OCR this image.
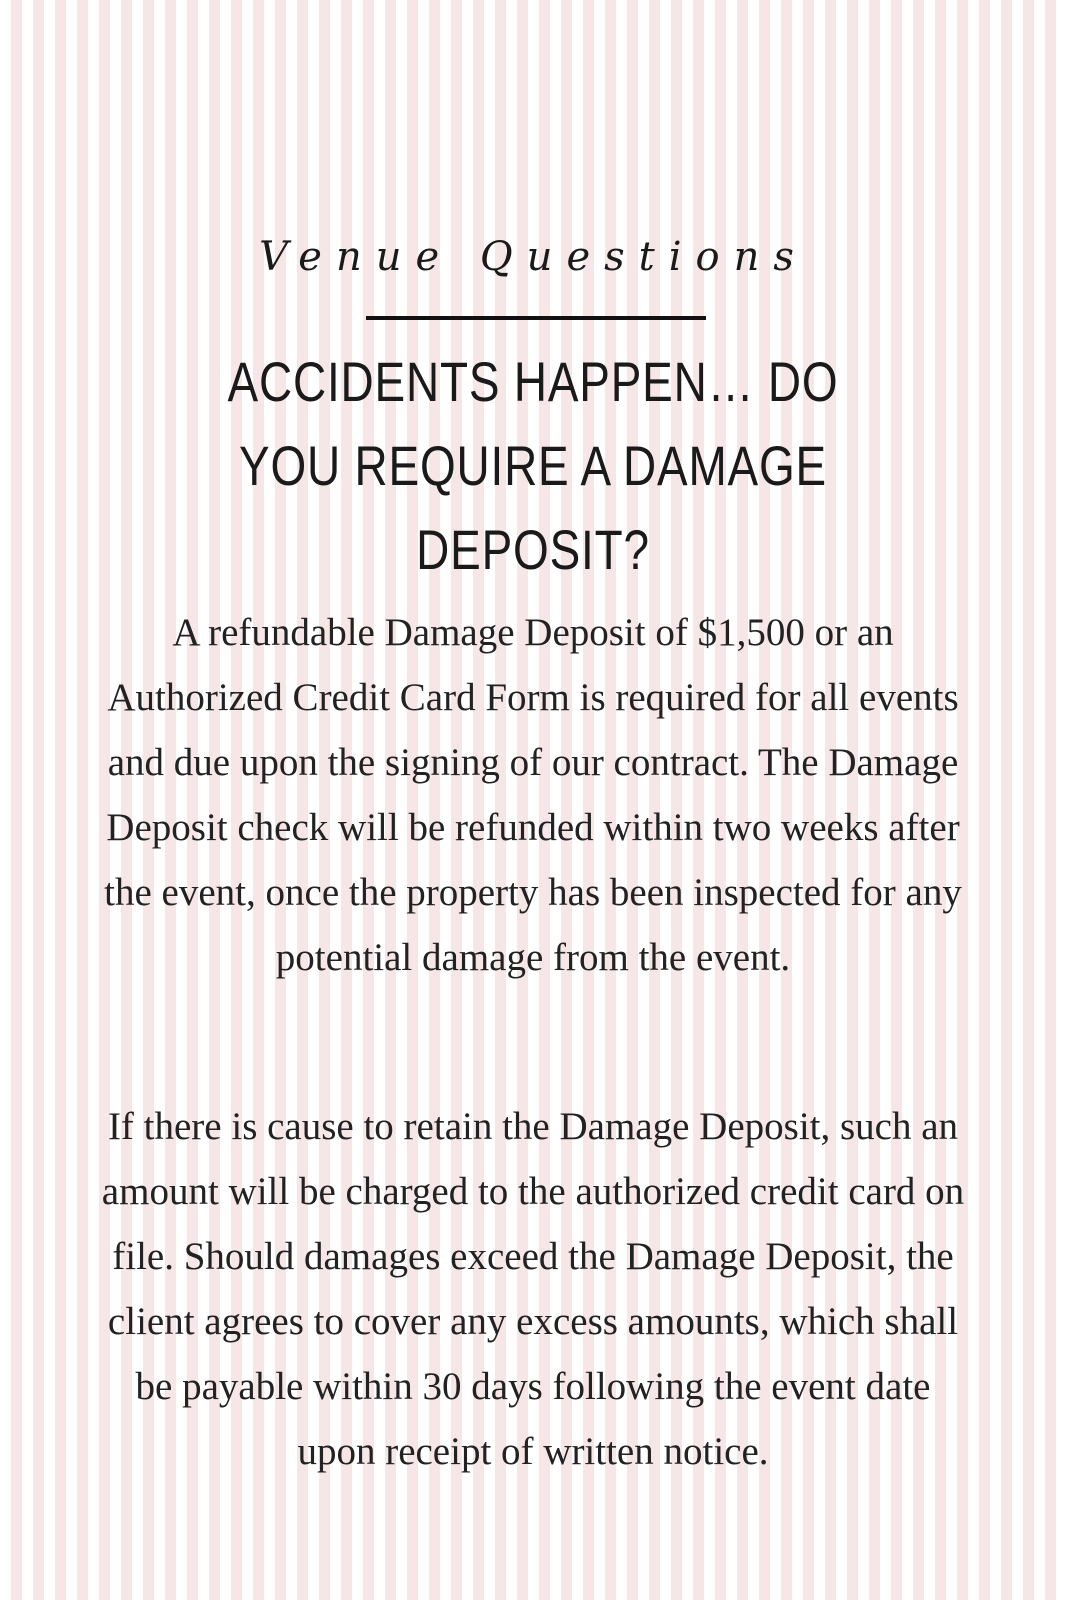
Venue Questions
ACCIDENTS HAPPEN… DO YOU REQUIRE A DAMAGE DEPOSIT?

A refundable Damage Deposit of $1,500 or an Authorized Credit Card Form is required for all events and due upon the signing of our contract. The Damage Deposit check will be refunded within two weeks after the event, once the property has been inspected for any potential damage from the event.

If there is cause to retain the Damage Deposit, such an amount will be charged to the authorized credit card on file. Should damages exceed the Damage Deposit, the client agrees to cover any excess amounts, which shall be payable within 30 days following the event date upon receipt of written notice.
